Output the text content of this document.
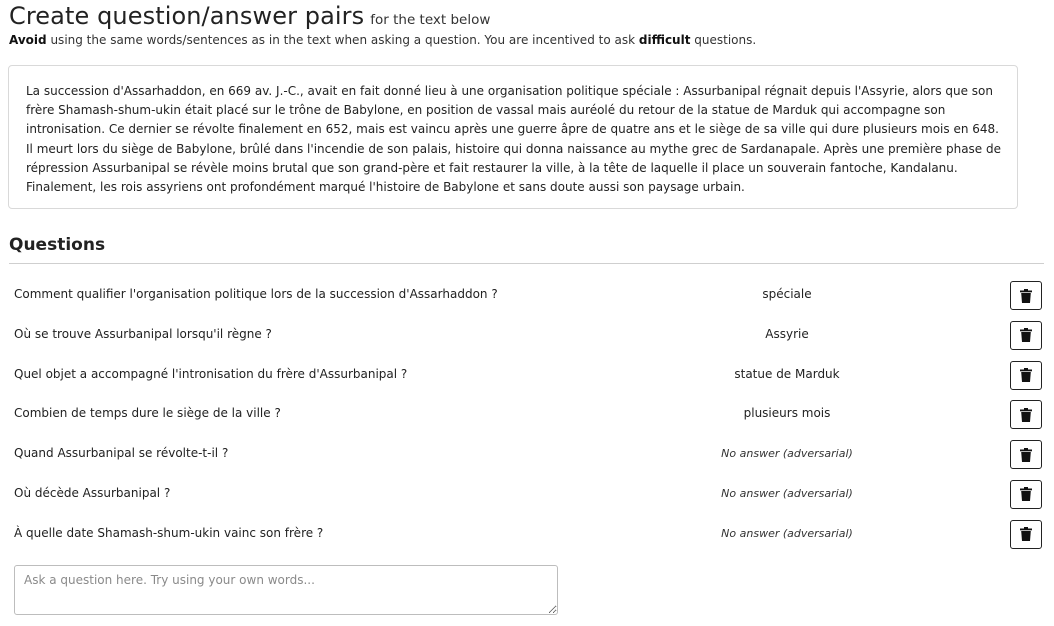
Create question/answer pairs for the text below
Avoid using the same words/sentences as in the text when asking a question. You are incentived to ask difficult questions.
La succession d'Assarhaddon, en 669 av. J.-C., avait en fait donné lieu à une organisation politique spéciale : Assurbanipal régnait depuis l'Assyrie, alors que son frère Shamash-shum-ukin était placé sur le trône de Babylone, en position de vassal mais auréolé du retour de la statue de Marduk qui accompagne son intronisation. Ce dernier se révolte finalement en 652, mais est vaincu après une guerre âpre de quatre ans et le siège de sa ville qui dure plusieurs mois en 648. Il meurt lors du siège de Babylone, brûlé dans l'incendie de son palais, histoire qui donna naissance au mythe grec de Sardanapale. Après une première phase de répression Assurbanipal se révèle moins brutal que son grand-père et fait restaurer la ville, à la tête de laquelle il place un souverain fantoche, Kandalanu. Finalement, les rois assyriens ont profondément marqué l'histoire de Babylone et sans doute aussi son paysage urbain.
Questions
Comment qualifier l'organisation politique lors de la succession d'Assarhaddon ?	spéciale
Où se trouve Assurbanipal lorsqu'il règne ?	Assyrie
Quel objet a accompagné l'intronisation du frère d'Assurbanipal ?	statue de Marduk
Combien de temps dure le siège de la ville ?	plusieurs mois
Quand Assurbanipal se révolte-t-il ?	No answer (adversarial)
Où décède Assurbanipal ?	No answer (adversarial)
À quelle date Shamash-shum-ukin vainc son frère ?	No answer (adversarial)
Ask a question here. Try using your own words...
